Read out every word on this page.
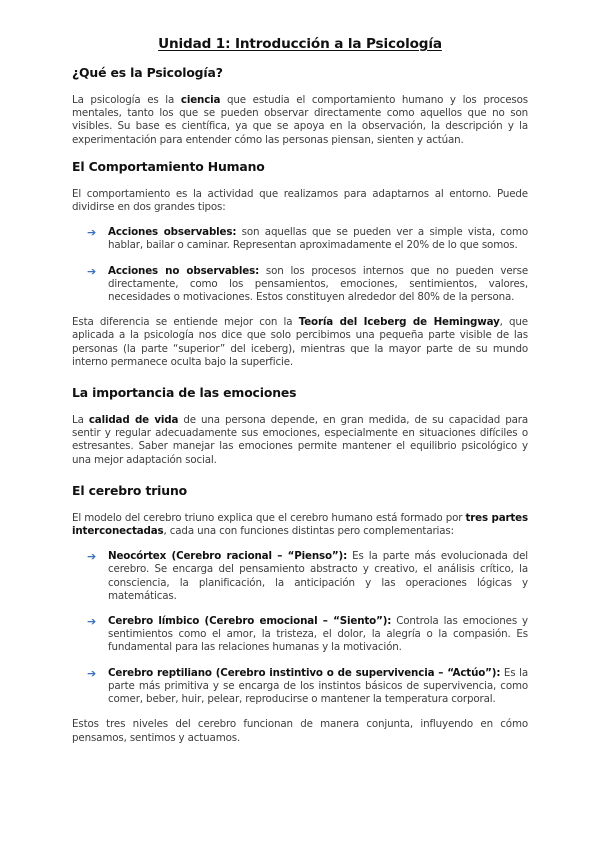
Unidad 1: Introducción a la Psicología
¿Qué es la Psicología?

La psicología es la ciencia que estudia el comportamiento humano y los procesos mentales, tanto los que se pueden observar directamente como aquellos que no son visibles. Su base es científica, ya que se apoya en la observación, la descripción y la experimentación para entender cómo las personas piensan, sienten y actúan.

El Comportamiento Humano

El comportamiento es la actividad que realizamos para adaptarnos al entorno. Puede dividirse en dos grandes tipos:

➔ Acciones observables: son aquellas que se pueden ver a simple vista, como hablar, bailar o caminar. Representan aproximadamente el 20% de lo que somos.
➔ Acciones no observables: son los procesos internos que no pueden verse directamente, como los pensamientos, emociones, sentimientos, valores, necesidades o motivaciones. Estos constituyen alrededor del 80% de la persona.

Esta diferencia se entiende mejor con la Teoría del Iceberg de Hemingway, que aplicada a la psicología nos dice que solo percibimos una pequeña parte visible de las personas (la parte “superior” del iceberg), mientras que la mayor parte de su mundo interno permanece oculta bajo la superficie.

La importancia de las emociones

La calidad de vida de una persona depende, en gran medida, de su capacidad para sentir y regular adecuadamente sus emociones, especialmente en situaciones difíciles o estresantes. Saber manejar las emociones permite mantener el equilibrio psicológico y una mejor adaptación social.

El cerebro triuno

El modelo del cerebro triuno explica que el cerebro humano está formado por tres partes interconectadas, cada una con funciones distintas pero complementarias:

➔ Neocórtex (Cerebro racional – “Pienso”): Es la parte más evolucionada del cerebro. Se encarga del pensamiento abstracto y creativo, el análisis crítico, la consciencia, la planificación, la anticipación y las operaciones lógicas y matemáticas.
➔ Cerebro límbico (Cerebro emocional – “Siento”): Controla las emociones y sentimientos como el amor, la tristeza, el dolor, la alegría o la compasión. Es fundamental para las relaciones humanas y la motivación.
➔ Cerebro reptiliano (Cerebro instintivo o de supervivencia – “Actúo”): Es la parte más primitiva y se encarga de los instintos básicos de supervivencia, como comer, beber, huir, pelear, reproducirse o mantener la temperatura corporal.

Estos tres niveles del cerebro funcionan de manera conjunta, influyendo en cómo pensamos, sentimos y actuamos.
